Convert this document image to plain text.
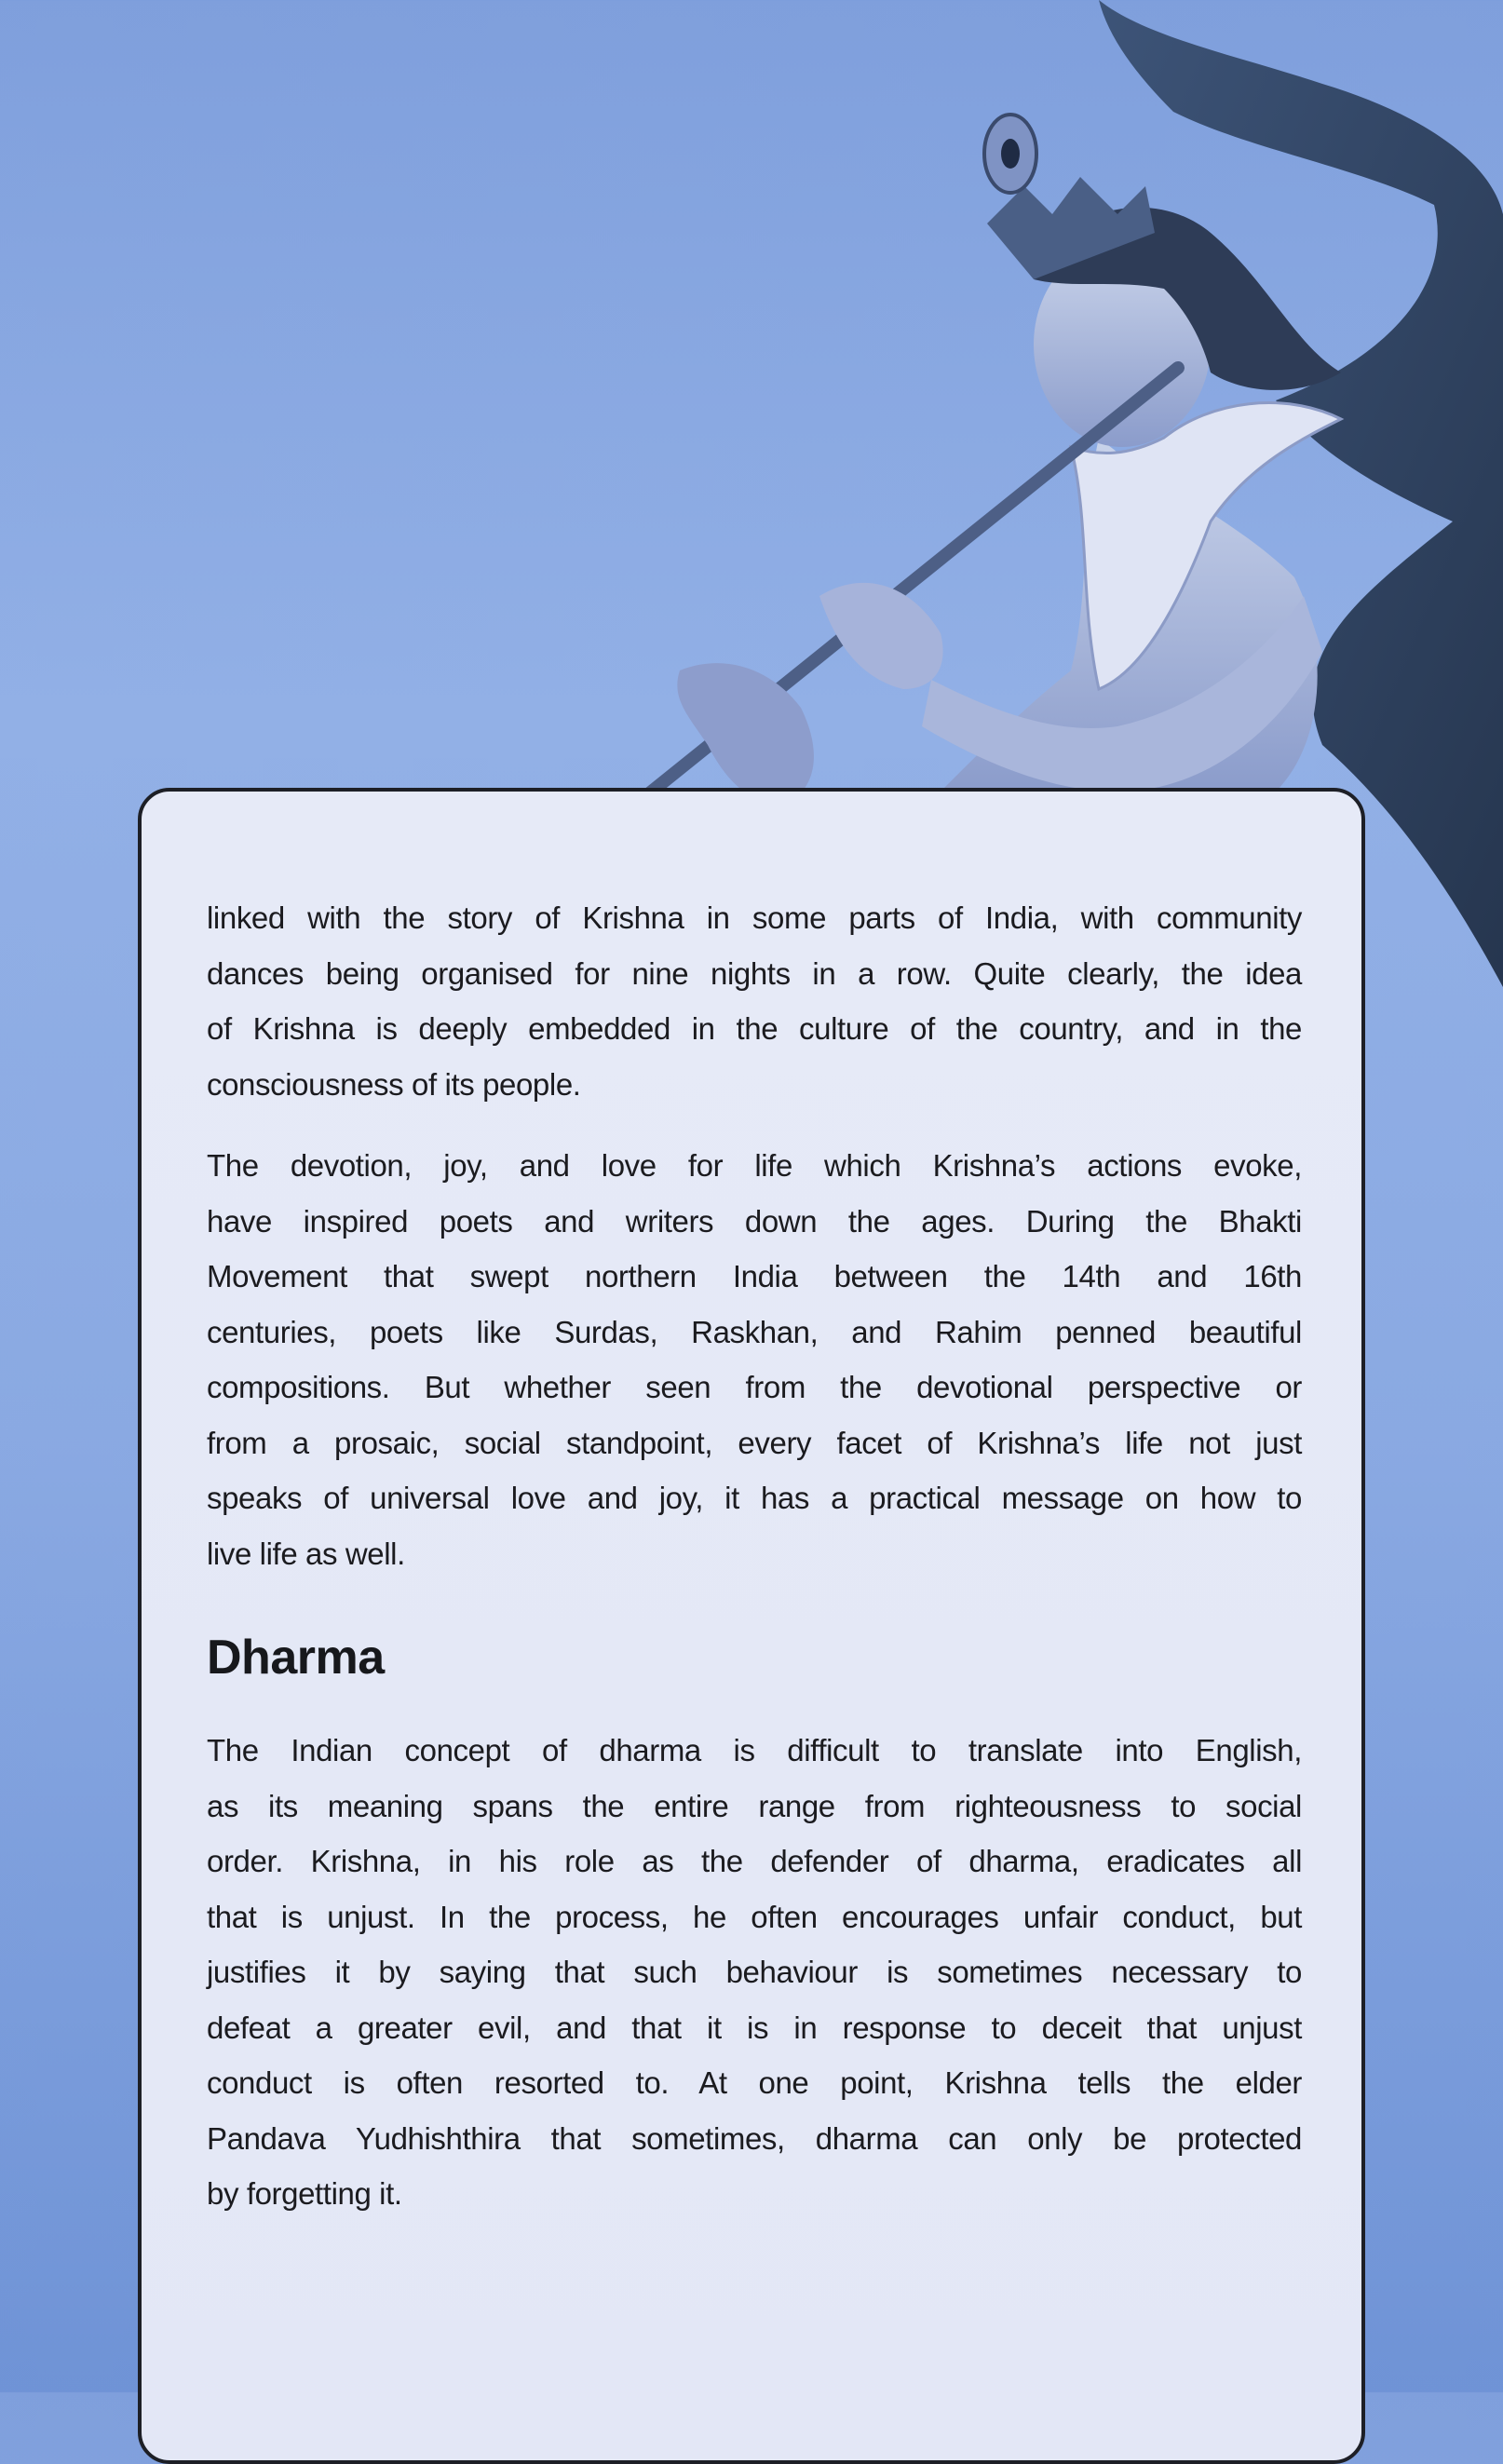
linked with the story of Krishna in some parts of India, with community
dances being organised for nine nights in a row. Quite clearly, the idea
of Krishna is deeply embedded in the culture of the country, and in the
consciousness of its people.
The devotion, joy, and love for life which Krishna’s actions evoke,
have inspired poets and writers down the ages. During the Bhakti
Movement that swept northern India between the 14th and 16th
centuries, poets like Surdas, Raskhan, and Rahim penned beautiful
compositions. But whether seen from the devotional perspective or
from a prosaic, social standpoint, every facet of Krishna’s life not just
speaks of universal love and joy, it has a practical message on how to
live life as well.
Dharma
The Indian concept of dharma is difficult to translate into English,
as its meaning spans the entire range from righteousness to social
order. Krishna, in his role as the defender of dharma, eradicates all
that is unjust. In the process, he often encourages unfair conduct, but
justifies it by saying that such behaviour is sometimes necessary to
defeat a greater evil, and that it is in response to deceit that unjust
conduct is often resorted to. At one point, Krishna tells the elder
Pandava Yudhishthira that sometimes, dharma can only be protected
by forgetting it.
